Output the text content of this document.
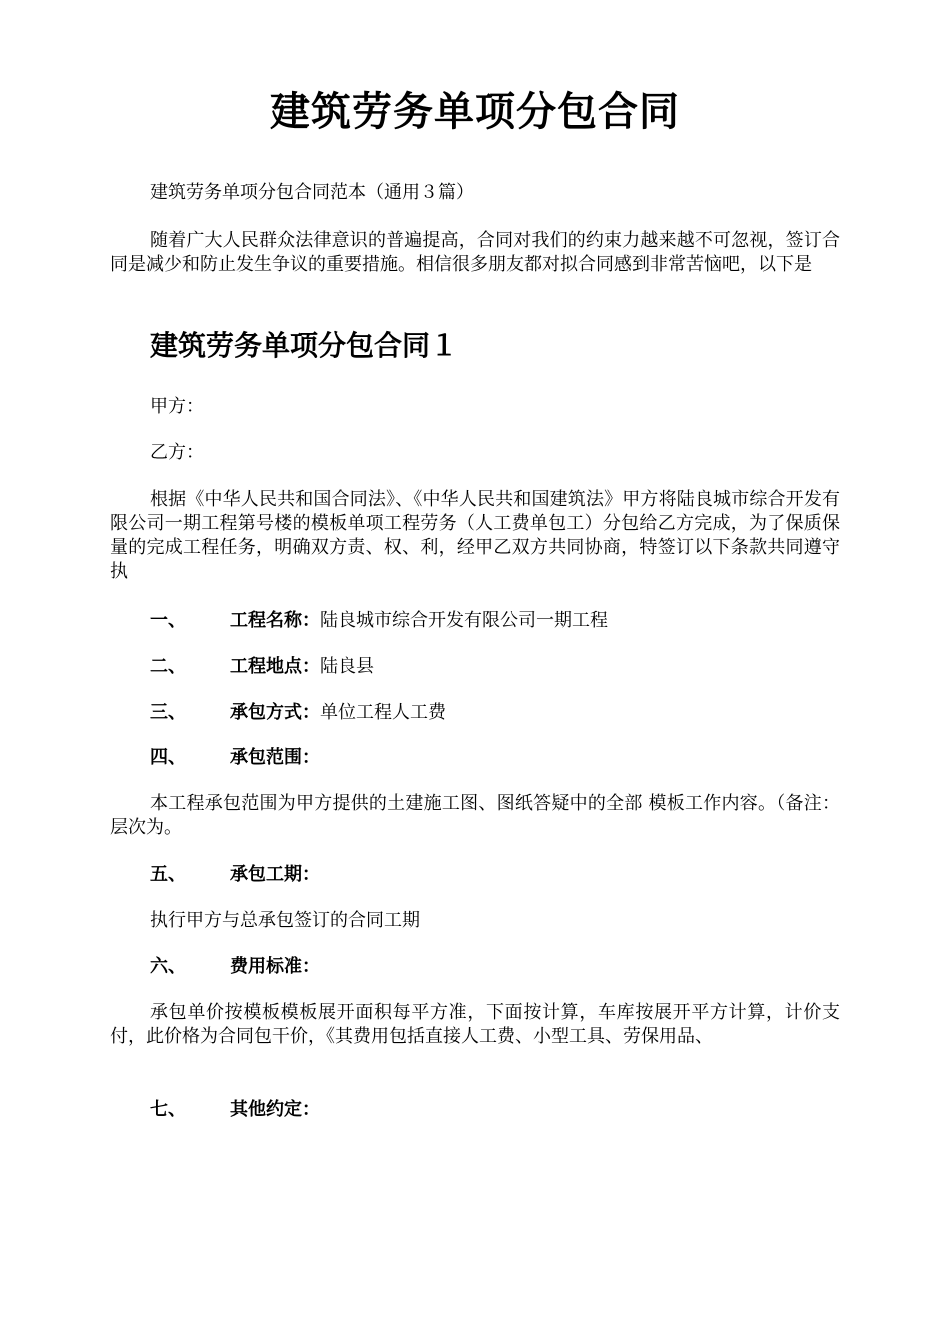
建筑劳务单项分包合同

建筑劳务单项分包合同范本（通用３篇）

随着广大人民群众法律意识的普遍提高，合同对我们的约束力越来越不可忽视，签订合同是减少和防止发生争议的重要措施。相信很多朋友都对拟合同感到非常苦恼吧，以下是

建筑劳务单项分包合同１

甲方：

乙方：

根据《中华人民共和国合同法》、《中华人民共和国建筑法》甲方将陆良城市综合开发有限公司一期工程第号楼的模板单项工程劳务（人工费单包工）分包给乙方完成，为了保质保量的完成工程任务，明确双方责、权、利，经甲乙双方共同协商，特签订以下条款共同遵守执

一、 工程名称：陆良城市综合开发有限公司一期工程

二、 工程地点：陆良县

三、 承包方式：单位工程人工费

四、 承包范围：

本工程承包范围为甲方提供的土建施工图、图纸答疑中的全部 模板工作内容。（备注：层次为。

五、 承包工期：

执行甲方与总承包签订的合同工期

六、 费用标准：

承包单价按模板模板展开面积每平方准，下面按计算，车库按展开平方计算，计价支付，此价格为合同包干价，《其费用包括直接人工费、小型工具、劳保用品、

七、 其他约定：
